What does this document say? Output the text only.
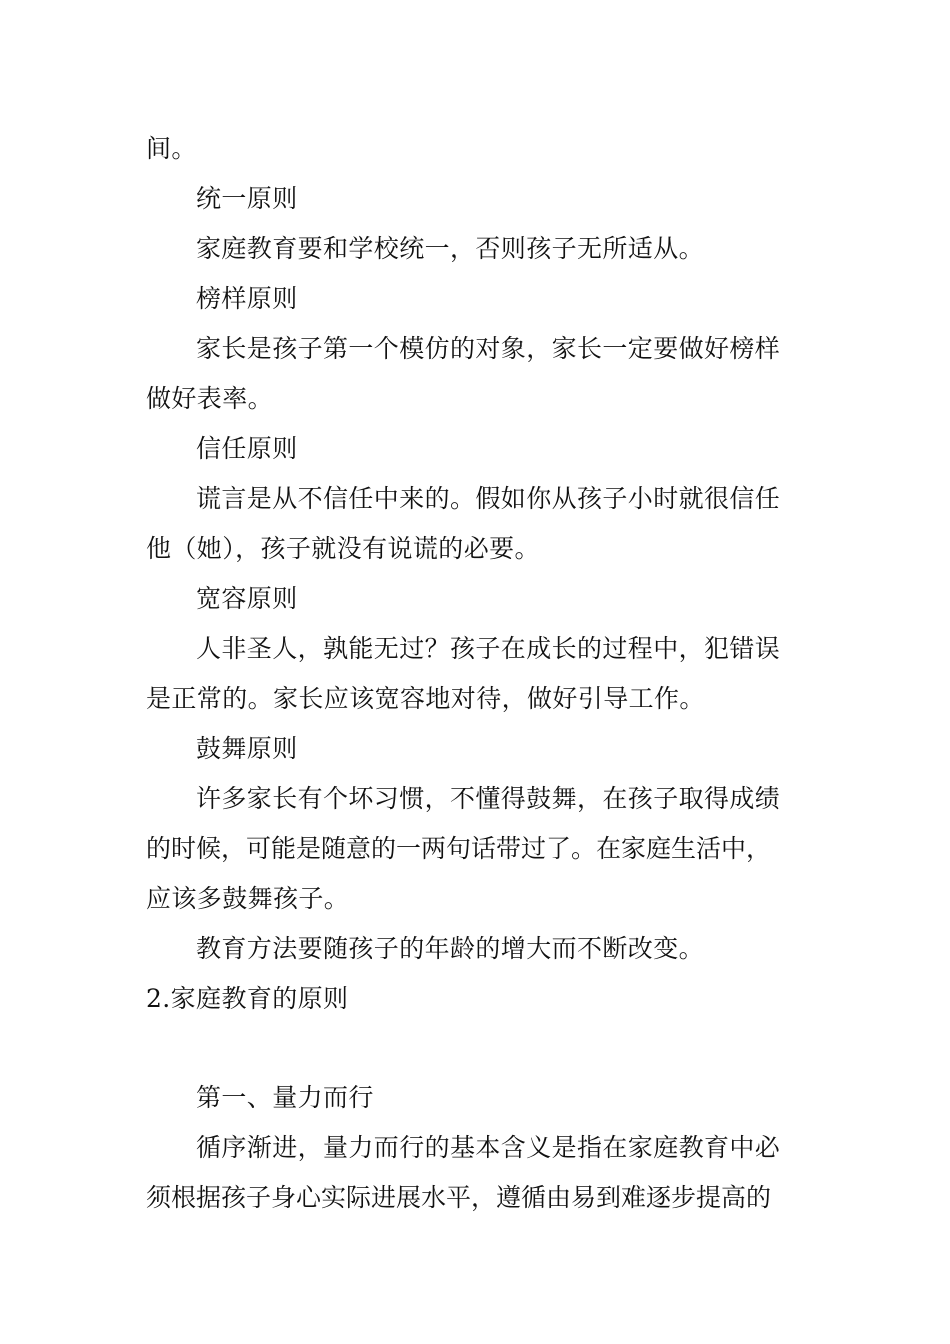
间。
统一原则
家庭教育要和学校统一，否则孩子无所适从。
榜样原则
家长是孩子第一个模仿的对象，家长一定要做好榜样
做好表率。
信任原则
谎言是从不信任中来的。假如你从孩子小时就很信任
他（她），孩子就没有说谎的必要。
宽容原则
人非圣人，孰能无过？孩子在成长的过程中，犯错误
是正常的。家长应该宽容地对待，做好引导工作。
鼓舞原则
许多家长有个坏习惯，不懂得鼓舞，在孩子取得成绩
的时候，可能是随意的一两句话带过了。在家庭生活中，
应该多鼓舞孩子。
教育方法要随孩子的年龄的增大而不断改变。
2.家庭教育的原则
第一、量力而行
循序渐进，量力而行的基本含义是指在家庭教育中必
须根据孩子身心实际进展水平，遵循由易到难逐步提高的
